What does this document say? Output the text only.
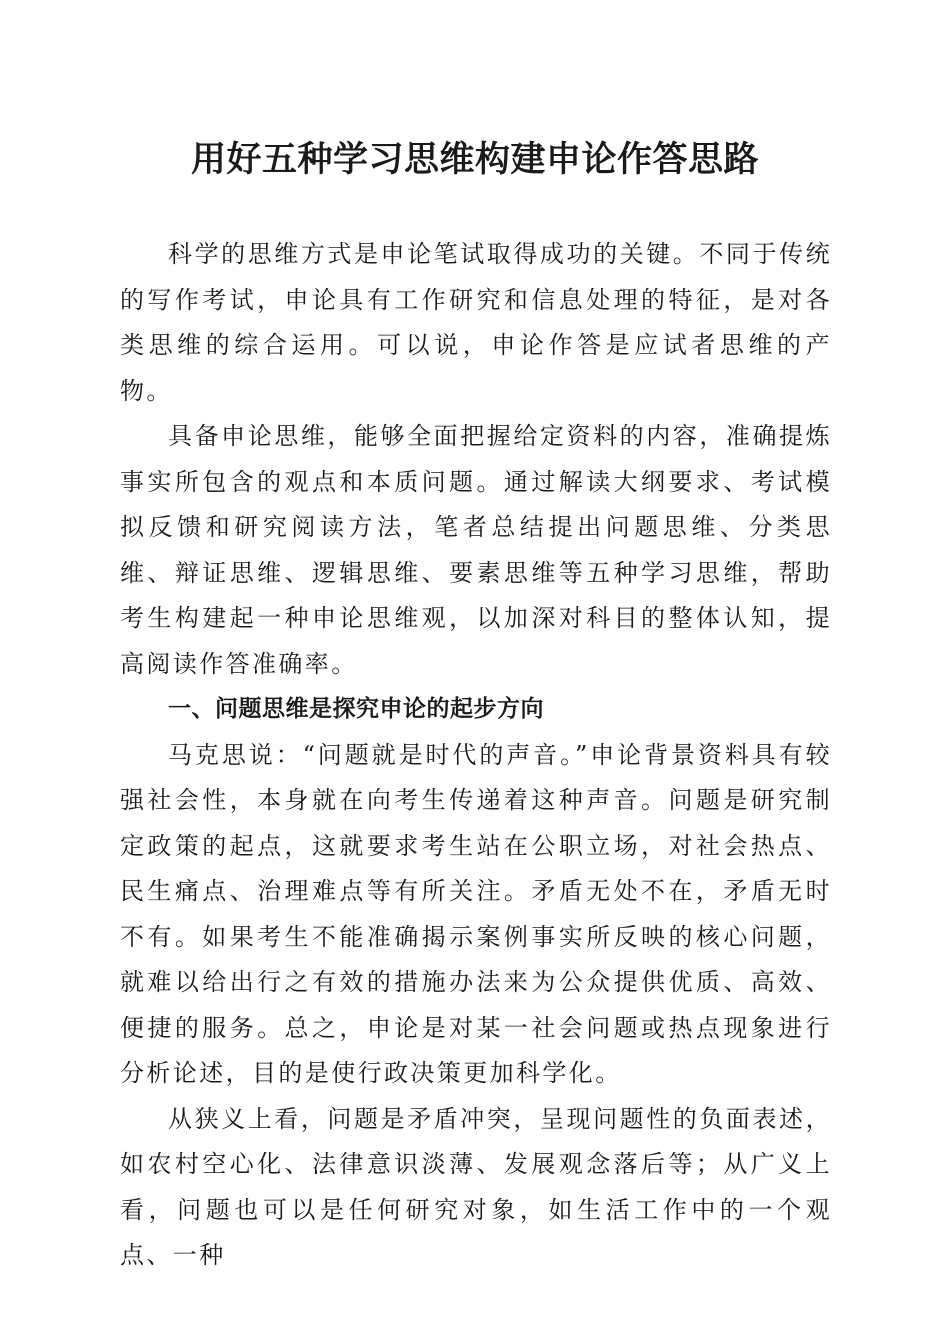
用好五种学习思维构建申论作答思路

科学的思维方式是申论笔试取得成功的关键。不同于传统的写作考试，申论具有工作研究和信息处理的特征，是对各类思维的综合运用。可以说，申论作答是应试者思维的产物。

具备申论思维，能够全面把握给定资料的内容，准确提炼事实所包含的观点和本质问题。通过解读大纲要求、考试模拟反馈和研究阅读方法，笔者总结提出问题思维、分类思维、辩证思维、逻辑思维、要素思维等五种学习思维，帮助考生构建起一种申论思维观，以加深对科目的整体认知，提高阅读作答准确率。

一、问题思维是探究申论的起步方向

马克思说：“问题就是时代的声音。”申论背景资料具有较强社会性，本身就在向考生传递着这种声音。问题是研究制定政策的起点，这就要求考生站在公职立场，对社会热点、民生痛点、治理难点等有所关注。矛盾无处不在，矛盾无时不有。如果考生不能准确揭示案例事实所反映的核心问题，就难以给出行之有效的措施办法来为公众提供优质、高效、便捷的服务。总之，申论是对某一社会问题或热点现象进行分析论述，目的是使行政决策更加科学化。

从狭义上看，问题是矛盾冲突，呈现问题性的负面表述，如农村空心化、法律意识淡薄、发展观念落后等；从广义上看，问题也可以是任何研究对象，如生活工作中的一个观点、一种
